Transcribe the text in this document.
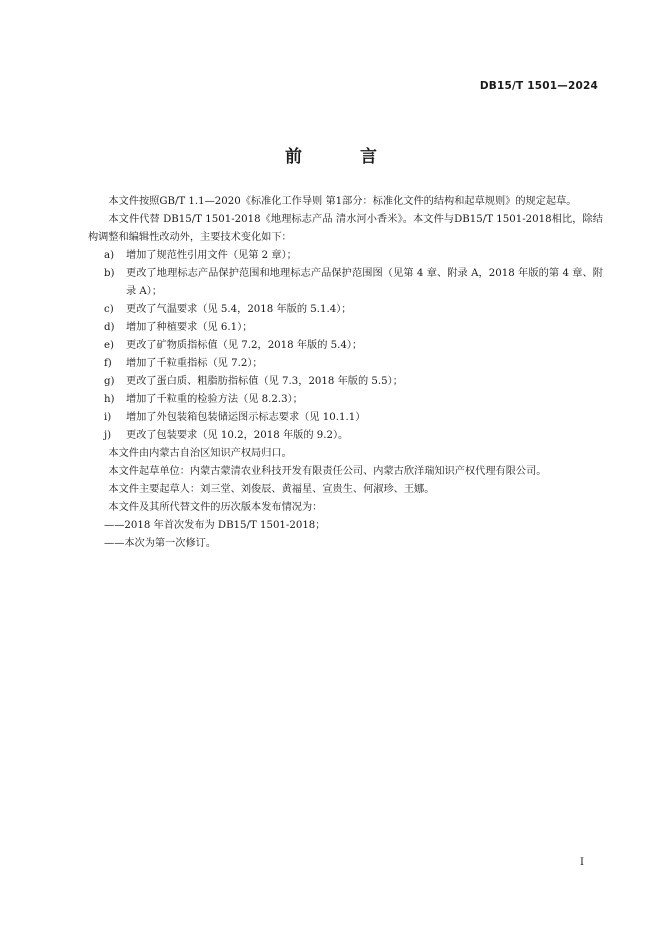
DB15/T 1501—2024
前 言

本文件按照GB/T 1.1—2020《标准化工作导则 第1部分：标准化文件的结构和起草规则》的规定起草。

本文件代替 DB15/T 1501-2018《地理标志产品 清水河小香米》。本文件与DB15/T 1501-2018相比，除结构调整和编辑性改动外，主要技术变化如下：

a)	增加了规范性引用文件（见第 2 章）；
b)	更改了地理标志产品保护范围和地理标志产品保护范围图（见第 4 章、附录 A，2018 年版的第 4 章、附录 A）；
c)	更改了气温要求（见 5.4，2018 年版的 5.1.4）；
d)	增加了种植要求（见 6.1）；
e)	更改了矿物质指标值（见 7.2，2018 年版的 5.4）；
f)	增加了千粒重指标（见 7.2）；
g)	更改了蛋白质、粗脂肪指标值（见 7.3，2018 年版的 5.5）；
h)	增加了千粒重的检验方法（见 8.2.3）；
i)	增加了外包装箱包装储运图示标志要求（见 10.1.1）
j)	更改了包装要求（见 10.2，2018 年版的 9.2）。

本文件由内蒙古自治区知识产权局归口。

本文件起草单位：内蒙古蒙清农业科技开发有限责任公司、内蒙古欣洋瑞知识产权代理有限公司。

本文件主要起草人：刘三堂、刘俊辰、黄福星、宣贵生、何淑珍、王娜。

本文件及其所代替文件的历次版本发布情况为：

——2018 年首次发布为 DB15/T 1501-2018；

——本次为第一次修订。

I
